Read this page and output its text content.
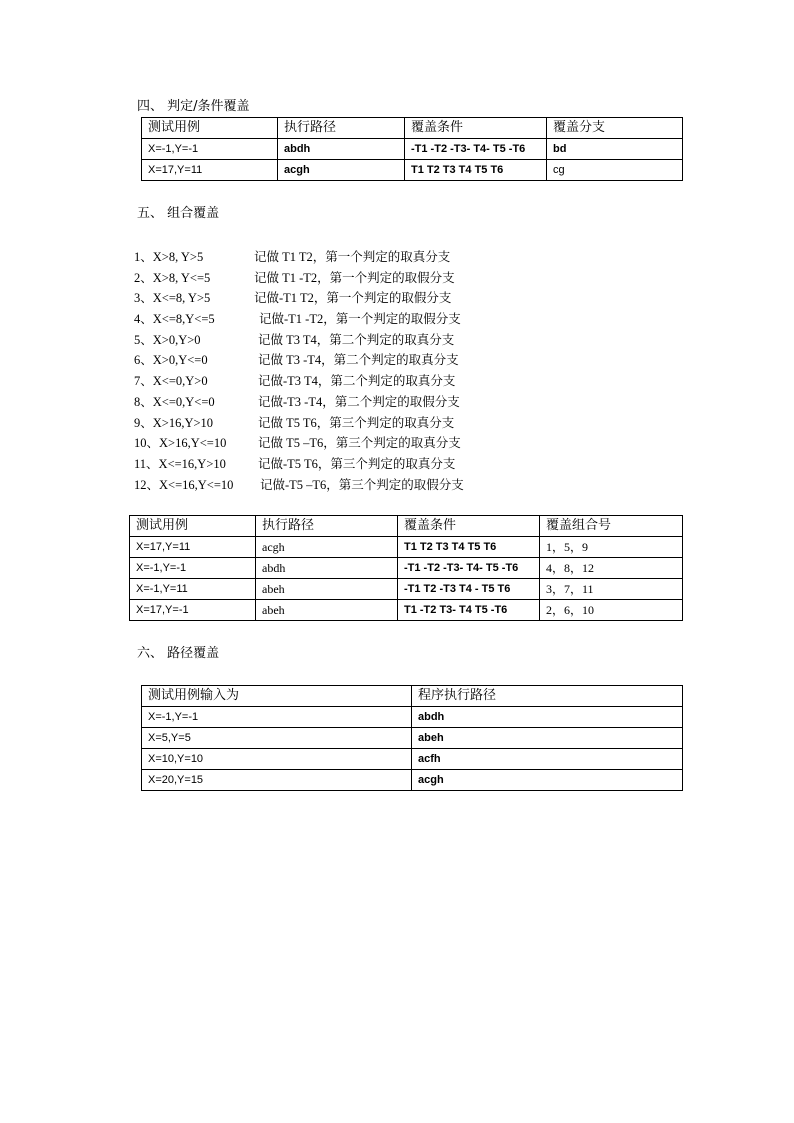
四、 判定/条件覆盖
测试用例	执行路径	覆盖条件	覆盖分支
X=-1,Y=-1	abdh	-T1 -T2 -T3- T4- T5 -T6	bd
X=17,Y=11	acgh	T1 T2 T3 T4 T5 T6	cg
五、 组合覆盖
1、X>8, Y>5	记做 T1 T2，第一个判定的取真分支
2、X>8, Y<=5	记做 T1 -T2，第一个判定的取假分支
3、X<=8, Y>5	记做-T1 T2，第一个判定的取假分支
4、X<=8,Y<=5	记做-T1 -T2，第一个判定的取假分支
5、X>0,Y>0	记做 T3 T4，第二个判定的取真分支
6、X>0,Y<=0	记做 T3 -T4，第二个判定的取真分支
7、X<=0,Y>0	记做-T3 T4，第二个判定的取真分支
8、X<=0,Y<=0	记做-T3 -T4，第二个判定的取假分支
9、X>16,Y>10	记做 T5 T6，第三个判定的取真分支
10、X>16,Y<=10	记做 T5 –T6，第三个判定的取真分支
11、X<=16,Y>10	记做-T5 T6，第三个判定的取真分支
12、X<=16,Y<=10 记做-T5 –T6，第三个判定的取假分支
测试用例	执行路径	覆盖条件	覆盖组合号
X=17,Y=11	acgh	T1 T2 T3 T4 T5 T6	1，5，9
X=-1,Y=-1	abdh	-T1 -T2 -T3- T4- T5 -T6	4，8，12
X=-1,Y=11	abeh	-T1 T2 -T3 T4 - T5 T6	3，7，11
X=17,Y=-1	abeh	T1 -T2 T3- T4 T5 -T6	2，6，10
六、 路径覆盖
测试用例输入为	程序执行路径
X=-1,Y=-1	abdh
X=5,Y=5	abeh
X=10,Y=10	acfh
X=20,Y=15	acgh
